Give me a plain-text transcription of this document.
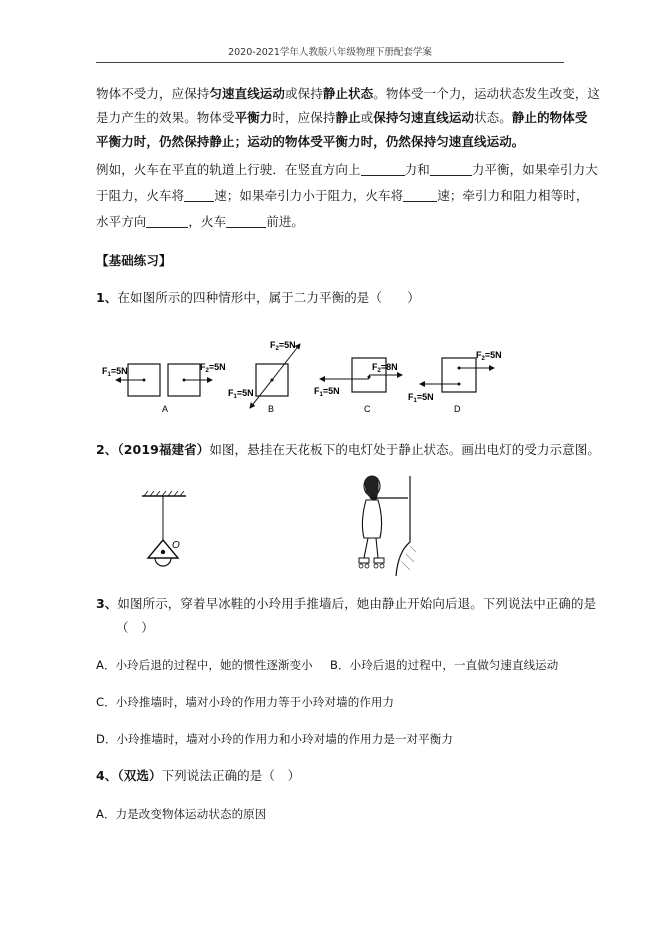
2020-2021学年人教版八年级物理下册配套学案
物体不受力，应保持匀速直线运动或保持静止状态。物体受一个力，运动状态发生改变，这
是力产生的效果。物体受平衡力时，应保持静止或保持匀速直线运动状态。静止的物体受
平衡力时，仍然保持静止；运动的物体受平衡力时，仍然保持匀速直线运动。
例如，火车在平直的轨道上行驶．在竖直方向上	力和	力平衡，如果牵引力大
于阻力，火车将 速；如果牵引力小于阻力，火车将	速；牵引力和阻力相等时，
水平方向	，火车	前进。
【基础练习】
1、在如图所示的四种情形中，属于二力平衡的是（　　）
$F_1=5N$	$F_2=5N$
A
$F_2=5N$
$F_1=5N$
B
$F_2=8N$
$F_1=5N$
C
$F_2=5N$
$F_1=5N$
D
2、（2019福建省）如图，悬挂在天花板下的电灯处于静止状态。画出电灯的受力示意图。
O
3、如图所示，穿着早冰鞋的小玲用手推墙后，她由静止开始向后退。下列说法中正确的是
（　）
A．小玲后退的过程中，她的惯性逐渐变小 B．小玲后退的过程中，一直做匀速直线运动
C．小玲推墙时，墙对小玲的作用力等于小玲对墙的作用力
D．小玲推墙时，墙对小玲的作用力和小玲对墙的作用力是一对平衡力
4、（双选）下列说法正确的是（　）
A．力是改变物体运动状态的原因
